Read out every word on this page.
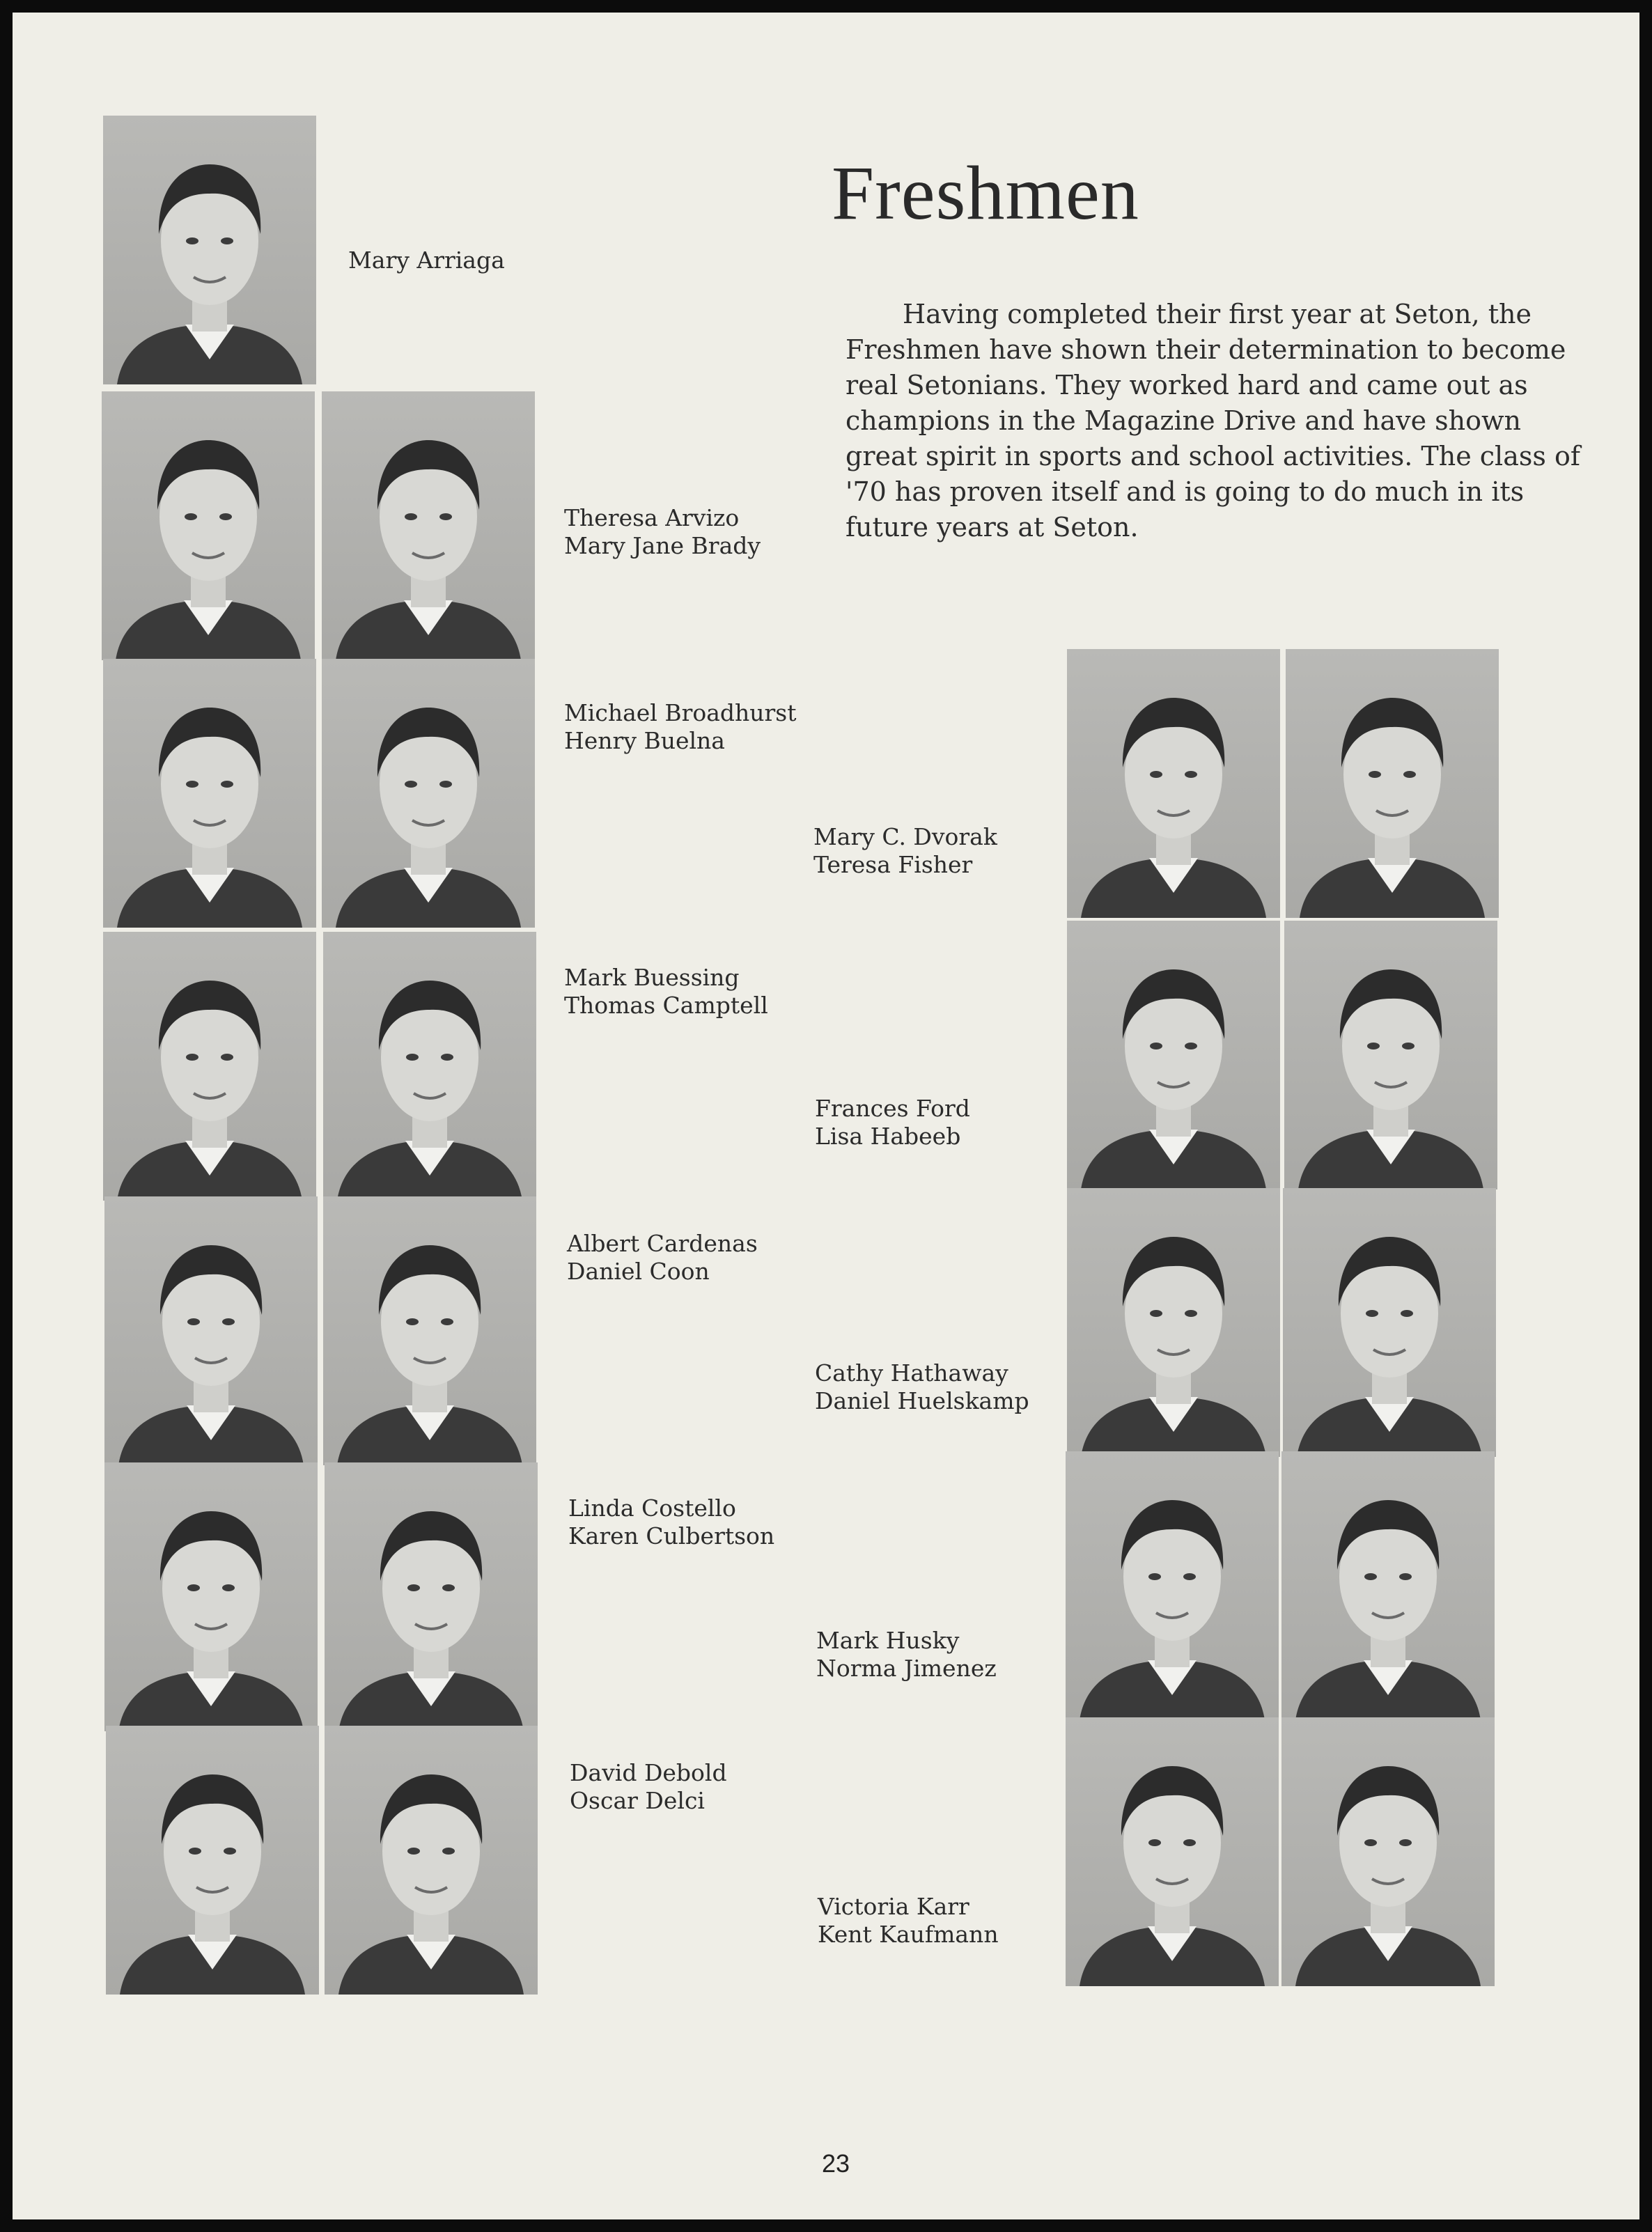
Mary Arriaga
Theresa Arvizo
Mary Jane Brady
Michael Broadhurst
Henry Buelna
Mark Buessing
Thomas Camptell
Albert Cardenas
Daniel Coon
Linda Costello
Karen Culbertson
David Debold
Oscar Delci
Mary C. Dvorak
Teresa Fisher
Frances Ford
Lisa Habeeb
Cathy Hathaway
Daniel Huelskamp
Mark Husky
Norma Jimenez
Victoria Karr
Kent Kaufmann
Freshmen
Having completed their first year at Seton, the Freshmen have shown their determination to become real Setonians. They worked hard and came out as champions in the Magazine Drive and have shown great spirit in sports and school activities. The class of '70 has proven itself and is going to do much in its future years at Seton.
23
